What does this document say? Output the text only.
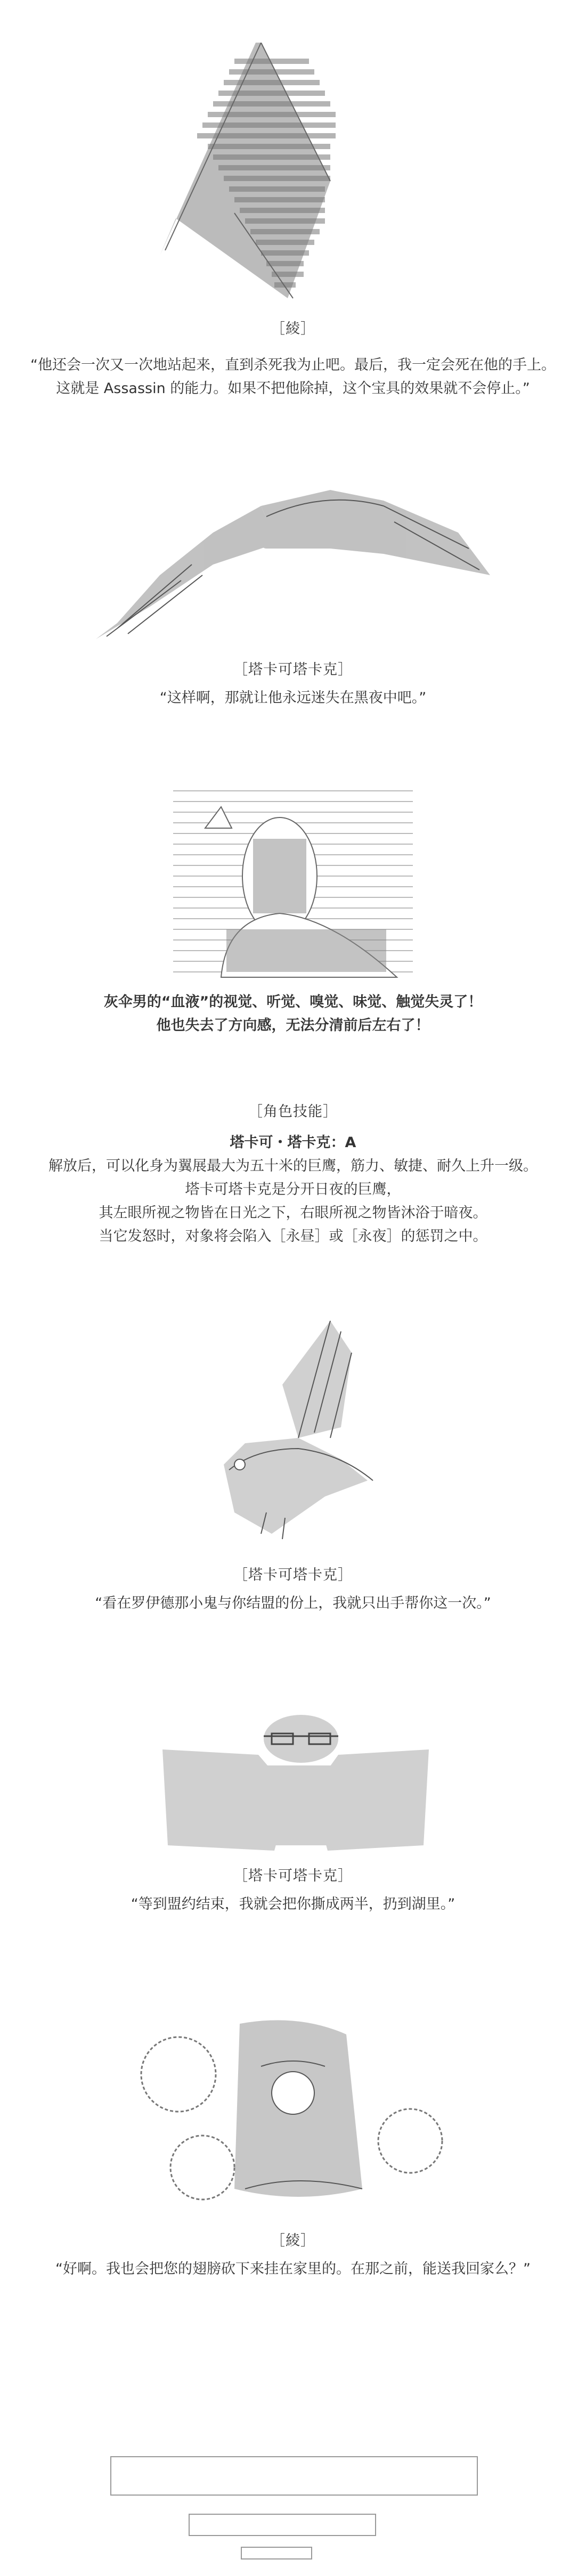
［綾］
“他还会一次又一次地站起来，直到杀死我为止吧。最后，我一定会死在他的手上。
这就是 Assassin 的能力。如果不把他除掉，这个宝具的效果就不会停止。”
［塔卡可塔卡克］
“这样啊，那就让他永远迷失在黑夜中吧。”
灰伞男的“血液”的视觉、听觉、嗅觉、味觉、触觉失灵了！
他也失去了方向感，无法分清前后左右了！
［角色技能］
塔卡可・塔卡克：A
解放后，可以化身为翼展最大为五十米的巨鹰，筋力、敏捷、耐久上升一级。
塔卡可塔卡克是分开日夜的巨鹰，
其左眼所视之物皆在日光之下，右眼所视之物皆沐浴于暗夜。
当它发怒时，对象将会陷入［永昼］或［永夜］的惩罚之中。
［塔卡可塔卡克］
“看在罗伊德那小鬼与你结盟的份上，我就只出手帮你这一次。”
［塔卡可塔卡克］
“等到盟约结束，我就会把你撕成两半，扔到湖里。”
［綾］
“好啊。我也会把您的翅膀砍下来挂在家里的。在那之前，能送我回家么？”
